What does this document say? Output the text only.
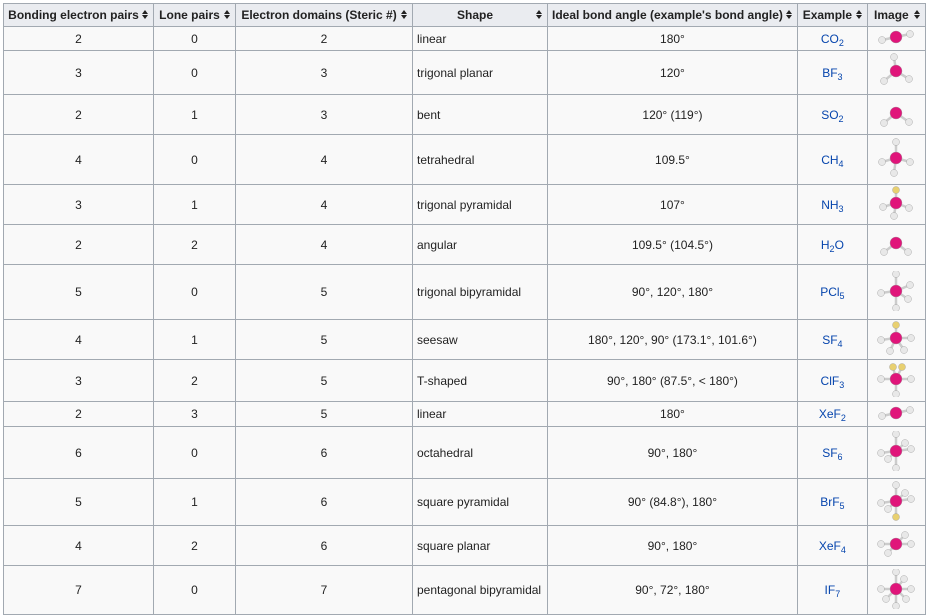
Bonding electron pairs	Lone pairs	Electron domains (Steric #)	Shape	Ideal bond angle (example's bond angle)	Example	Image

2	0	2	linear	180°	$CO_2$	
3	0	3	trigonal planar	120°	$BF_3$	
2	1	3	bent	120° (119°)	$SO_2$	
4	0	4	tetrahedral	109.5°	$CH_4$	
3	1	4	trigonal pyramidal	107°	$NH_3$	
2	2	4	angular	109.5° (104.5°)	$H_2O$	
5	0	5	trigonal bipyramidal	90°, 120°, 180°	PCl$_5$	
4	1	5	seesaw	180°, 120°, 90° (173.1°, 101.6°)	$SF_4$	
3	2	5	T-shaped	90°, 180° (87.5°, < 180°)	ClF$_3$	
2	3	5	linear	180°	XeF$_2$	
6	0	6	octahedral	90°, 180°	$SF_6$	
5	1	6	square pyramidal	90° (84.8°), 180°	BrF$_5$	
4	2	6	square planar	90°, 180°	XeF$_4$	
7	0	7	pentagonal bipyramidal	90°, 72°, 180°	$IF_7$	
